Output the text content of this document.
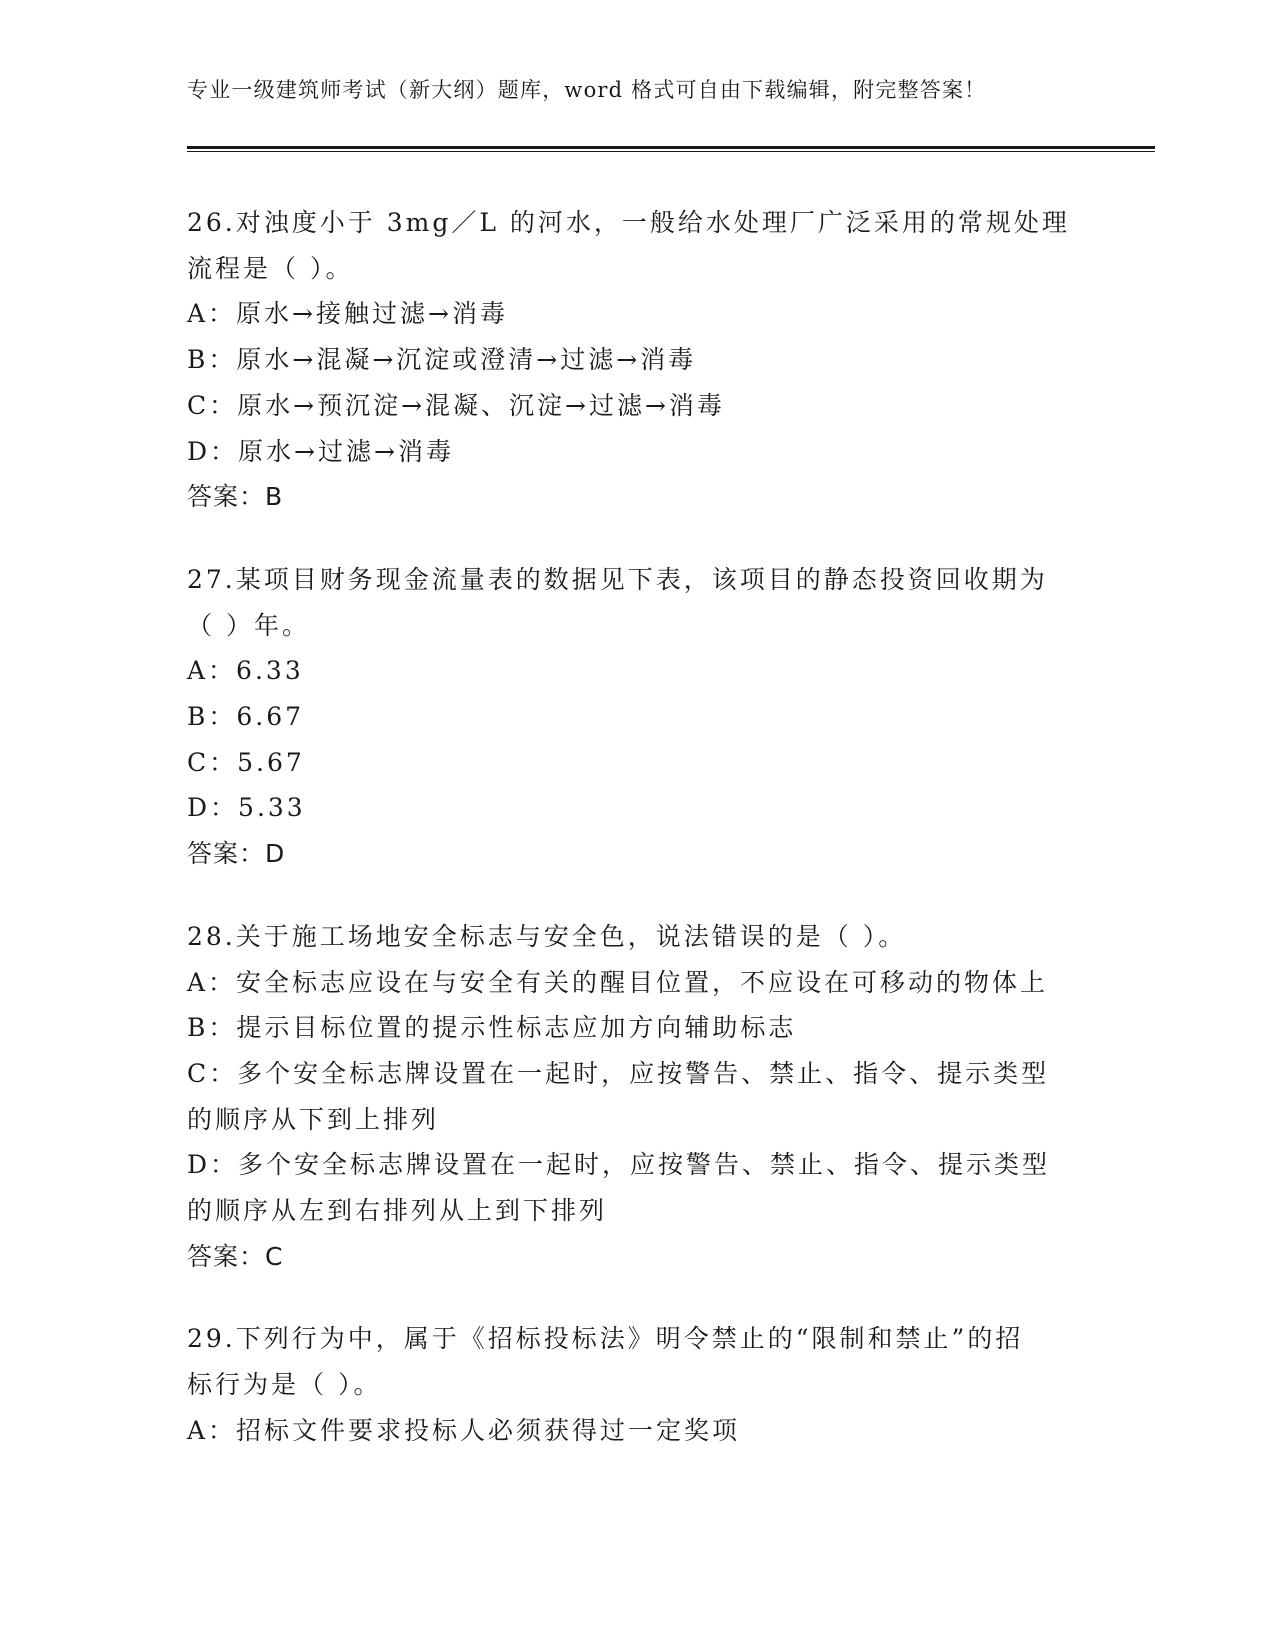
专业一级建筑师考试（新大纲）题库，word 格式可自由下载编辑，附完整答案！
26.对浊度小于 3mg／L 的河水，一般给水处理厂广泛采用的常规处理
流程是（ ）。
A：原水→接触过滤→消毒
B：原水→混凝→沉淀或澄清→过滤→消毒
C：原水→预沉淀→混凝、沉淀→过滤→消毒
D：原水→过滤→消毒
答案：B
27.某项目财务现金流量表的数据见下表，该项目的静态投资回收期为
（ ）年。
A：6.33
B：6.67
C：5.67
D：5.33
答案：D
28.关于施工场地安全标志与安全色，说法错误的是（ ）。
A：安全标志应设在与安全有关的醒目位置，不应设在可移动的物体上
B：提示目标位置的提示性标志应加方向辅助标志
C：多个安全标志牌设置在一起时，应按警告、禁止、指令、提示类型
的顺序从下到上排列
D：多个安全标志牌设置在一起时，应按警告、禁止、指令、提示类型
的顺序从左到右排列从上到下排列
答案：C
29.下列行为中，属于《招标投标法》明令禁止的“限制和禁止”的招
标行为是（ ）。
A：招标文件要求投标人必须获得过一定奖项
